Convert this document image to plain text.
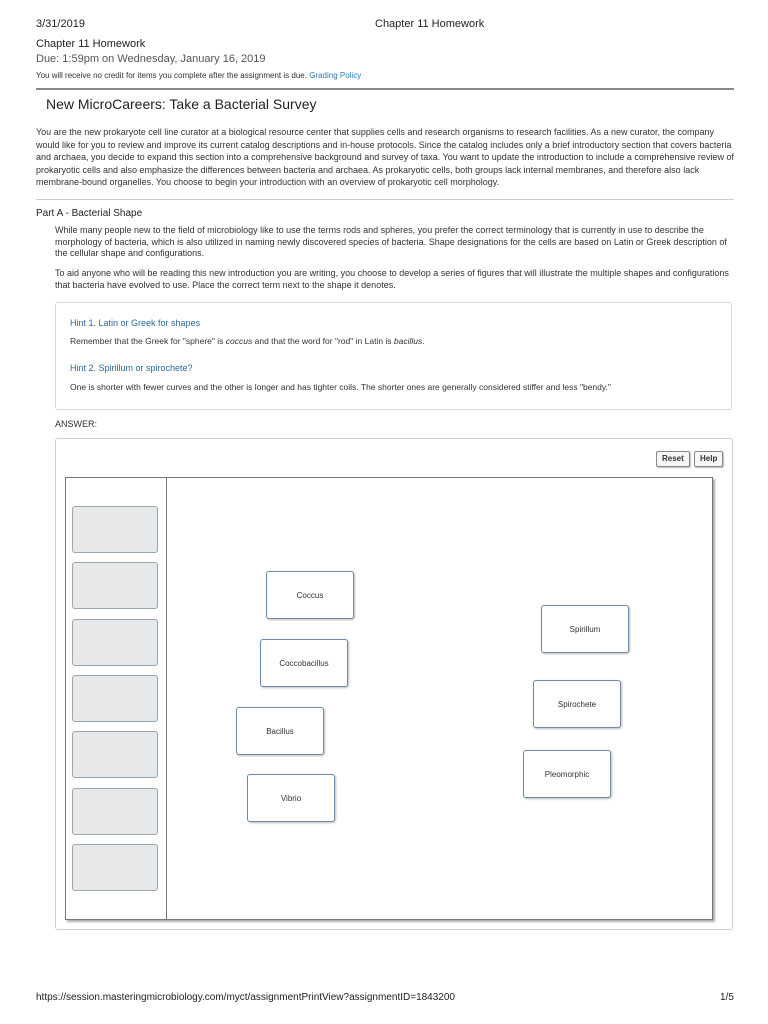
3/31/2019	Chapter 11 Homework
Chapter 11 Homework
Due: 1:59pm on Wednesday, January 16, 2019
You will receive no credit for items you complete after the assignment is due. Grading Policy
New MicroCareers: Take a Bacterial Survey
You are the new prokaryote cell line curator at a biological resource center that supplies cells and research organisms to research facilities. As a new curator, the company would like for you to review and improve its current catalog descriptions and in-house protocols. Since the catalog includes only a brief introductory section that covers bacteria and archaea, you decide to expand this section into a comprehensive background and survey of taxa. You want to update the introduction to include a comprehensive review of prokaryotic cells and also emphasize the differences between bacteria and archaea. As prokaryotic cells, both groups lack internal membranes, and therefore also lack membrane-bound organelles. You choose to begin your introduction with an overview of prokaryotic cell morphology.
Part A - Bacterial Shape
While many people new to the field of microbiology like to use the terms rods and spheres, you prefer the correct terminology that is currently in use to describe the morphology of bacteria, which is also utilized in naming newly discovered species of bacteria. Shape designations for the cells are based on Latin or Greek description of the cellular shape and configurations.
To aid anyone who will be reading this new introduction you are writing, you choose to develop a series of figures that will illustrate the multiple shapes and configurations that bacteria have evolved to use. Place the correct term next to the shape it denotes.
Hint 1. Latin or Greek for shapes
Remember that the Greek for "sphere" is coccus and that the word for "rod" in Latin is bacillus.
Hint 2. Spirillum or spirochete?
One is shorter with fewer curves and the other is longer and has tighter coils. The shorter ones are generally considered stiffer and less "bendy."
ANSWER:
Reset	Help
Coccus
Coccobacillus
Bacillus
Vibrio
Spirillum
Spirochete
Pleomorphic
https://session.masteringmicrobiology.com/myct/assignmentPrintView?assignmentID=1843200	1/5
